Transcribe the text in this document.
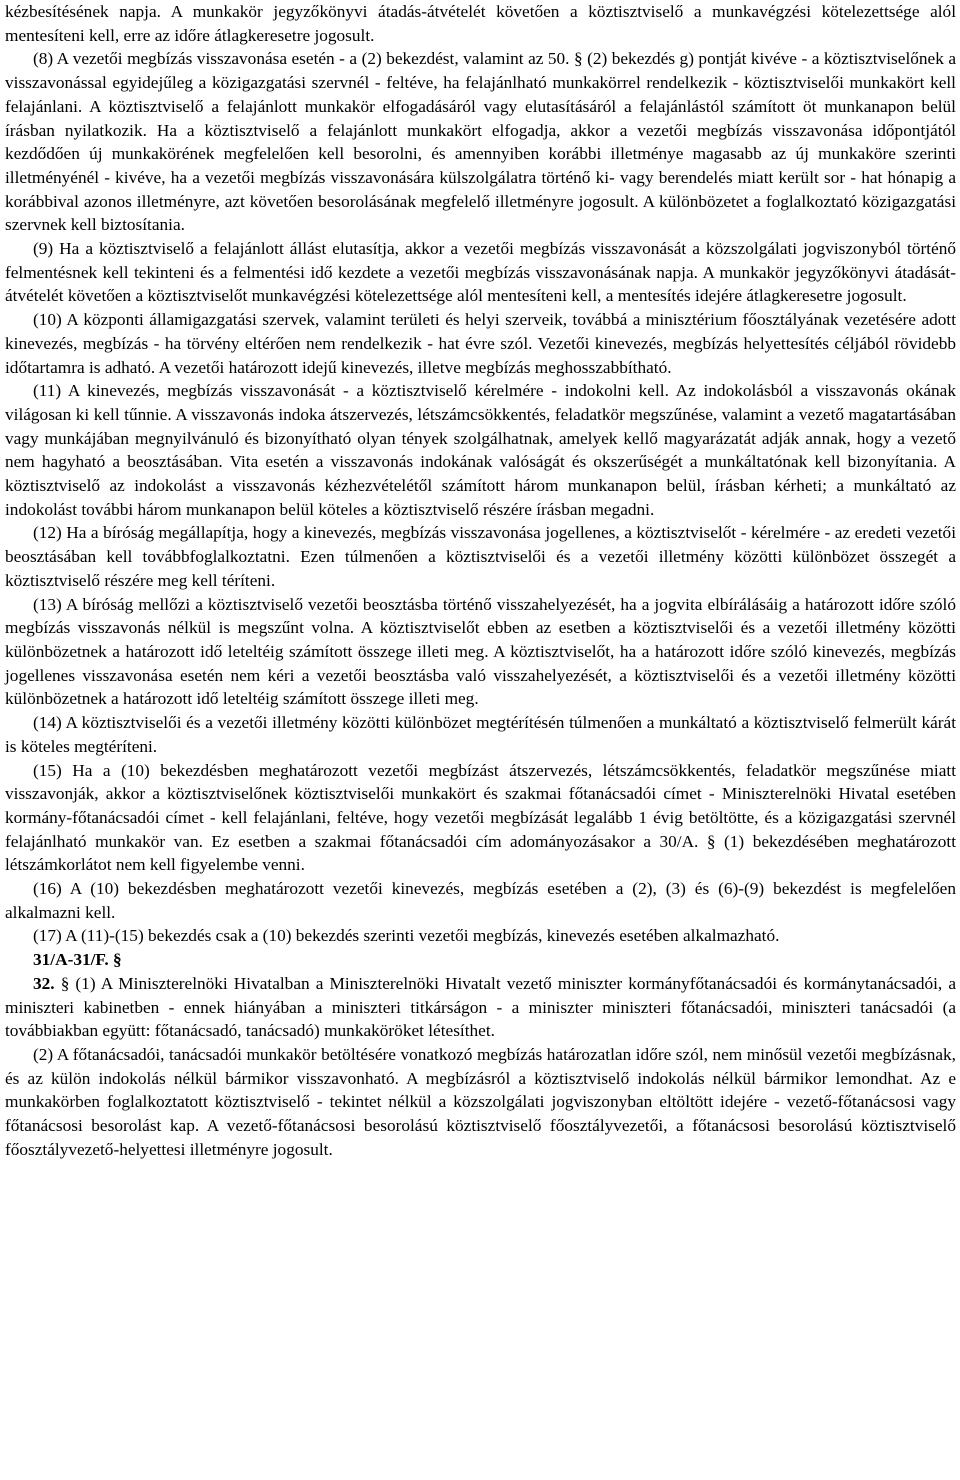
kézbesítésének napja. A munkakör jegyzőkönyvi átadás-átvételét követően a köztisztviselő a munkavégzési kötelezettsége alól mentesíteni kell, erre az időre átlagkeresetre jogosult.

(8) A vezetői megbízás visszavonása esetén - a (2) bekezdést, valamint az 50. § (2) bekezdés g) pontját kivéve - a köztisztviselőnek a visszavonással egyidejűleg a közigazgatási szervnél - feltéve, ha felajánlható munkakörrel rendelkezik - köztisztviselői munkakört kell felajánlani. A köztisztviselő a felajánlott munkakör elfogadásáról vagy elutasításáról a felajánlástól számított öt munkanapon belül írásban nyilatkozik. Ha a köztisztviselő a felajánlott munkakört elfogadja, akkor a vezetői megbízás visszavonása időpontjától kezdődően új munkakörének megfelelően kell besorolni, és amennyiben korábbi illetménye magasabb az új munkaköre szerinti illetményénél - kivéve, ha a vezetői megbízás visszavonására külszolgálatra történő ki- vagy berendelés miatt került sor - hat hónapig a korábbival azonos illetményre, azt követően besorolásának megfelelő illetményre jogosult. A különbözetet a foglalkoztató közigazgatási szervnek kell biztosítania.

(9) Ha a köztisztviselő a felajánlott állást elutasítja, akkor a vezetői megbízás visszavonását a közszolgálati jogviszonyból történő felmentésnek kell tekinteni és a felmentési idő kezdete a vezetői megbízás visszavonásának napja. A munkakör jegyzőkönyvi átadását-átvételét követően a köztisztviselőt munkavégzési kötelezettsége alól mentesíteni kell, a mentesítés idejére átlagkeresetre jogosult.

(10) A központi államigazgatási szervek, valamint területi és helyi szerveik, továbbá a minisztérium főosztályának vezetésére adott kinevezés, megbízás - ha törvény eltérően nem rendelkezik - hat évre szól. Vezetői kinevezés, megbízás helyettesítés céljából rövidebb időtartamra is adható. A vezetői határozott idejű kinevezés, illetve megbízás meghosszabbítható.

(11) A kinevezés, megbízás visszavonását - a köztisztviselő kérelmére - indokolni kell. Az indokolásból a visszavonás okának világosan ki kell tűnnie. A visszavonás indoka átszervezés, létszámcsökkentés, feladatkör megszűnése, valamint a vezető magatartásában vagy munkájában megnyilvánuló és bizonyítható olyan tények szolgálhatnak, amelyek kellő magyarázatát adják annak, hogy a vezető nem hagyható a beosztásában. Vita esetén a visszavonás indokának valóságát és okszerűségét a munkáltatónak kell bizonyítania. A köztisztviselő az indokolást a visszavonás kézhezvételétől számított három munkanapon belül, írásban kérheti; a munkáltató az indokolást további három munkanapon belül köteles a köztisztviselő részére írásban megadni.

(12) Ha a bíróság megállapítja, hogy a kinevezés, megbízás visszavonása jogellenes, a köztisztviselőt - kérelmére - az eredeti vezetői beosztásában kell továbbfoglalkoztatni. Ezen túlmenően a köztisztviselői és a vezetői illetmény közötti különbözet összegét a köztisztviselő részére meg kell téríteni.

(13) A bíróság mellőzi a köztisztviselő vezetői beosztásba történő visszahelyezését, ha a jogvita elbírálásáig a határozott időre szóló megbízás visszavonás nélkül is megszűnt volna. A köztisztviselőt ebben az esetben a köztisztviselői és a vezetői illetmény közötti különbözetnek a határozott idő leteltéig számított összege illeti meg. A köztisztviselőt, ha a határozott időre szóló kinevezés, megbízás jogellenes visszavonása esetén nem kéri a vezetői beosztásba való visszahelyezését, a köztisztviselői és a vezetői illetmény közötti különbözetnek a határozott idő leteltéig számított összege illeti meg.

(14) A köztisztviselői és a vezetői illetmény közötti különbözet megtérítésén túlmenően a munkáltató a köztisztviselő felmerült kárát is köteles megtéríteni.

(15) Ha a (10) bekezdésben meghatározott vezetői megbízást átszervezés, létszámcsökkentés, feladatkör megszűnése miatt visszavonják, akkor a köztisztviselőnek köztisztviselői munkakört és szakmai főtanácsadói címet - Miniszterelnöki Hivatal esetében kormány-főtanácsadói címet - kell felajánlani, feltéve, hogy vezetői megbízását legalább 1 évig betöltötte, és a közigazgatási szervnél felajánlható munkakör van. Ez esetben a szakmai főtanácsadói cím adományozásakor a 30/A. § (1) bekezdésében meghatározott létszámkorlátot nem kell figyelembe venni.

(16) A (10) bekezdésben meghatározott vezetői kinevezés, megbízás esetében a (2), (3) és (6)-(9) bekezdést is megfelelően alkalmazni kell.

(17) A (11)-(15) bekezdés csak a (10) bekezdés szerinti vezetői megbízás, kinevezés esetében alkalmazható.

31/A-31/F. §

32. § (1) A Miniszterelnöki Hivatalban a Miniszterelnöki Hivatalt vezető miniszter kormányfőtanácsadói és kormánytanácsadói, a miniszteri kabinetben - ennek hiányában a miniszteri titkárságon - a miniszter miniszteri főtanácsadói, miniszteri tanácsadói (a továbbiakban együtt: főtanácsadó, tanácsadó) munkaköröket létesíthet.

(2) A főtanácsadói, tanácsadói munkakör betöltésére vonatkozó megbízás határozatlan időre szól, nem minősül vezetői megbízásnak, és az külön indokolás nélkül bármikor visszavonható. A megbízásról a köztisztviselő indokolás nélkül bármikor lemondhat. Az e munkakörben foglalkoztatott köztisztviselő - tekintet nélkül a közszolgálati jogviszonyban eltöltött idejére - vezető-főtanácsosi vagy főtanácsosi besorolást kap. A vezető-főtanácsosi besorolású köztisztviselő főosztályvezetői, a főtanácsosi besorolású köztisztviselő főosztályvezető-helyettesi illetményre jogosult.
